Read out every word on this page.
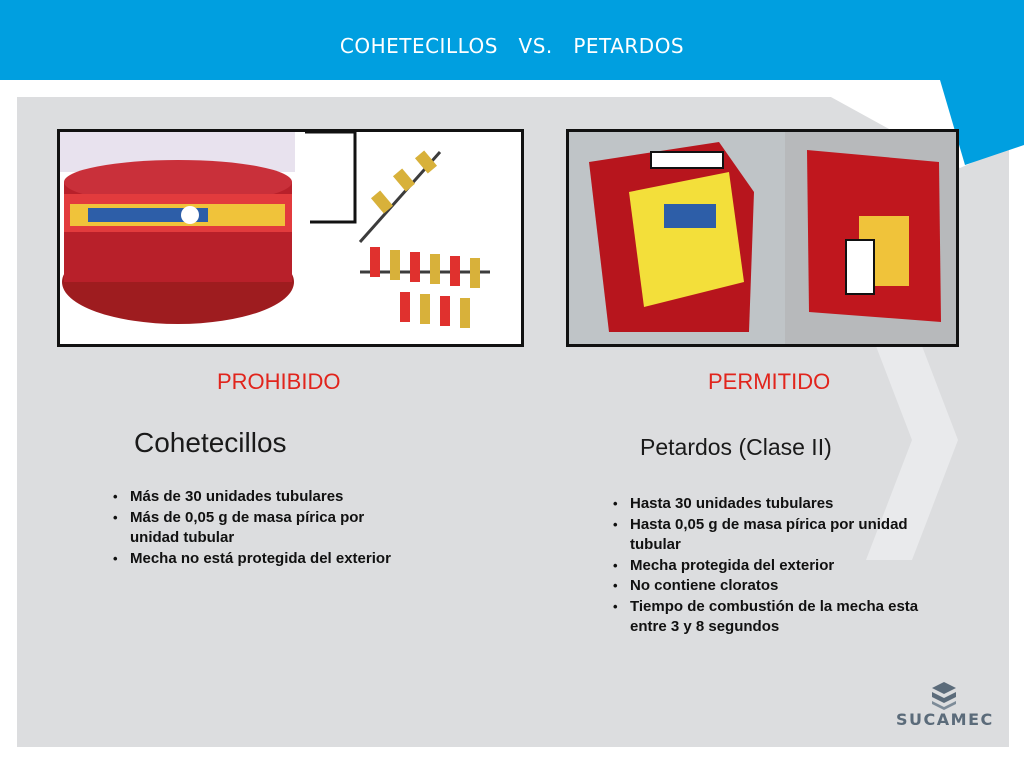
COHETECILLOS   VS.   PETARDOS
PROHIBIDO
Cohetecillos
• Más de 30 unidades tubulares
• Más de 0,05 g de masa pírica por unidad tubular
• Mecha no está protegida del exterior
PERMITIDO
Petardos (Clase II)
• Hasta 30 unidades tubulares
• Hasta 0,05 g de masa pírica por unidad tubular
• Mecha protegida del exterior
• No contiene cloratos
• Tiempo de combustión de la mecha esta entre 3 y 8 segundos
SUCAMEC
